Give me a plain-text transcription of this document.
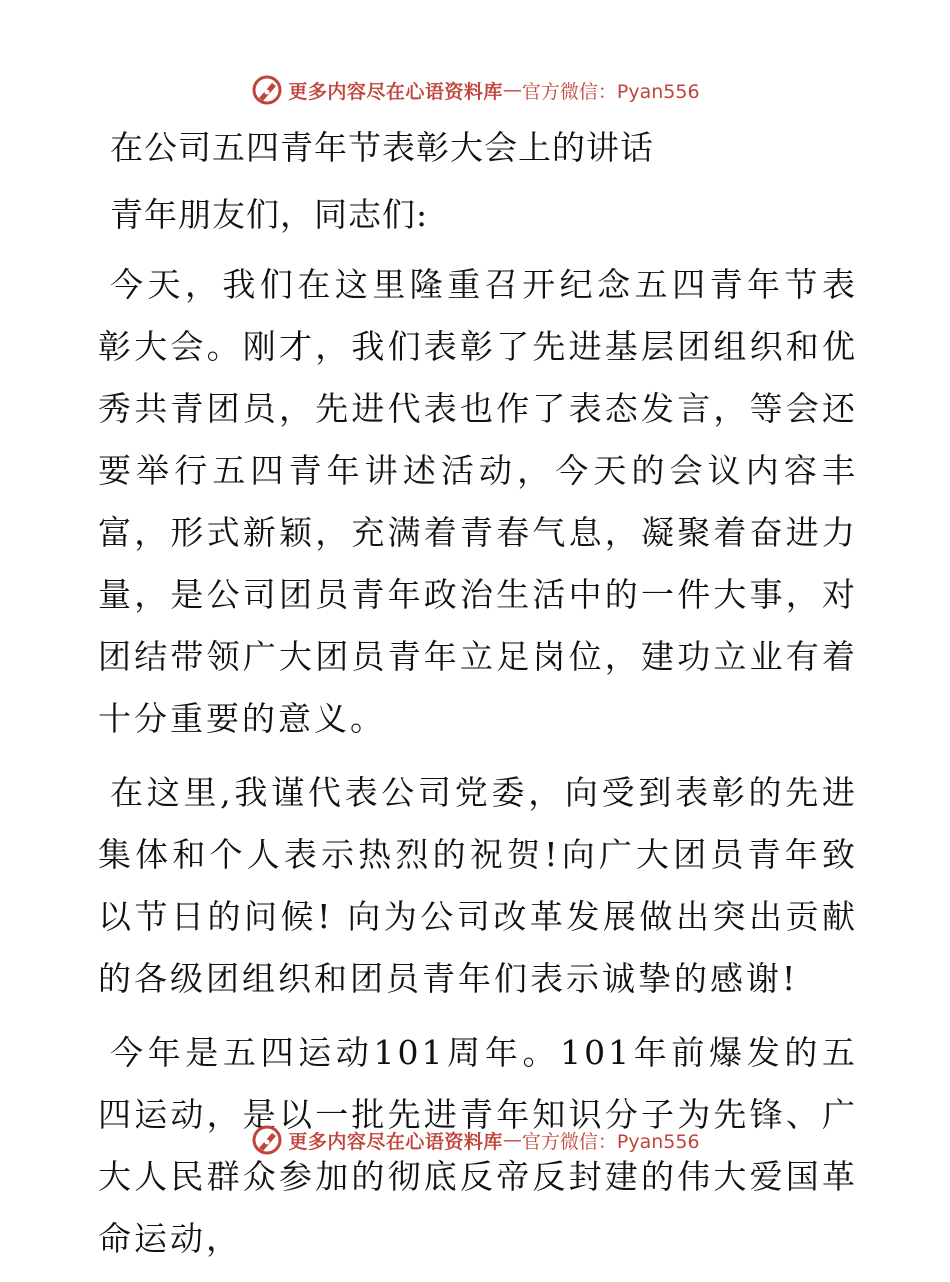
更多内容尽在心语资料库 — 官方微信：Pyan556
在公司五四青年节表彰大会上的讲话
青年朋友们，同志们:

今天，我们在这里隆重召开纪念五四青年节表彰大会。刚才，我们表彰了先进基层团组织和优秀共青团员，先进代表也作了表态发言，等会还要举行五四青年讲述活动，今天的会议内容丰富，形式新颖，充满着青春气息，凝聚着奋进力量，是公司团员青年政治生活中的一件大事，对团结带领广大团员青年立足岗位，建功立业有着十分重要的意义。

在这里,我谨代表公司党委，向受到表彰的先进集体和个人表示热烈的祝贺!向广大团员青年致以节日的问候! 向为公司改革发展做出突出贡献的各级团组织和团员青年们表示诚挚的感谢!

今年是五四运动101周年。101年前爆发的五四运动，是以一批先进青年知识分子为先锋、广大人民群众参加的彻底反帝反封建的伟大爱国革命运动，

更多内容尽在心语资料库 — 官方微信：Pyan556
